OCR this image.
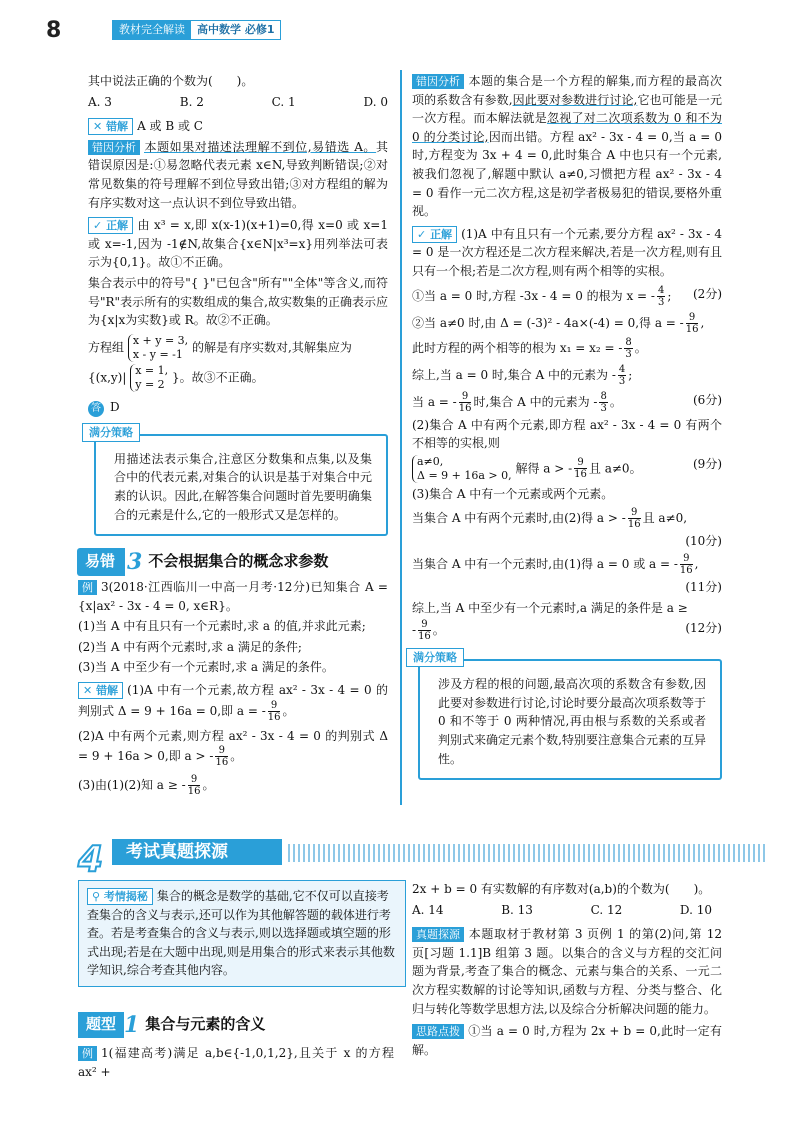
8	教材完全解读	高中数学 必修1

其中说法正确的个数为(　　)。

A. 3	B. 2	C. 1	D. 0

✕ 错解 A 或 B 或 C

错因分析 本题如果对描述法理解不到位,易错选 A。其错误原因是:①易忽略代表元素 x∈N,导致判断错误;②对常见数集的符号理解不到位导致出错;③对方程组的解为有序实数对这一点认识不到位导致出错。

✓ 正解 由 x³ = x,即 x(x-1)(x+1)=0,得 x=0 或 x=1 或 x=-1,因为 -1∉N,故集合{x∈N|x³=x}用列举法可表示为{0,1}。故①不正确。

集合表示中的符号"{ }"已包含"所有""全体"等含义,而符号"R"表示所有的实数组成的集合,故实数集的正确表示应为{x|x为实数}或 R。故②不正确。

方程组 x + y = 3,
x - y = -1 的解是有序实数对,其解集应为

{(x,y)| x = 1,
y = 2 }。故③不正确。

答 D

满分策略

用描述法表示集合,注意区分数集和点集,以及集合中的代表元素,对集合的认识是基于对集合中元素的认识。因此,在解答集合问题时首先要明确集合的元素是什么,它的一般形式又是怎样的。

易错 3 不会根据集合的概念求参数

例 3(2018·江西临川一中高一月考·12分)已知集合 A = {x|ax² - 3x - 4 = 0, x∈R}。

(1)当 A 中有且只有一个元素时,求 a 的值,并求此元素;

(2)当 A 中有两个元素时,求 a 满足的条件;

(3)当 A 中至少有一个元素时,求 a 满足的条件。

✕ 错解 (1)A 中有一个元素,故方程 ax² - 3x - 4 = 0 的判别式 Δ = 9 + 16a = 0,即 a = - $\frac{9}{16}$ 。

(2)A 中有两个元素,则方程 ax² - 3x - 4 = 0 的判别式 Δ = 9 + 16a > 0,即 a > - $\frac{9}{16}$ 。

(3)由(1)(2)知 a ≥ - $\frac{9}{16}$ 。

错因分析 本题的集合是一个方程的解集,而方程的最高次项的系数含有参数,因此要对参数进行讨论,它也可能是一元一次方程。而本解法就是忽视了对二次项系数为 0 和不为 0 的分类讨论,因而出错。方程 ax² - 3x - 4 = 0,当 a = 0 时,方程变为 3x + 4 = 0,此时集合 A 中也只有一个元素,被我们忽视了,解题中默认 a≠0,习惯把方程 ax² - 3x - 4 = 0 看作一元二次方程,这是初学者极易犯的错误,要格外重视。

✓ 正解 (1)A 中有且只有一个元素,要分方程 ax² - 3x - 4 = 0 是一次方程还是二次方程来解决,若是一次方程,则有且只有一个根;若是二次方程,则有两个相等的实根。

①当 a = 0 时,方程 -3x - 4 = 0 的根为 x = - $\frac{4}{3}$ ; (2分)

②当 a≠0 时,由 Δ = (-3)² - 4a×(-4) = 0,得 a = - $\frac{9}{16}$ ,

此时方程的两个相等的根为 x₁ = x₂ = - $\frac{8}{3}$ 。

综上,当 a = 0 时,集合 A 中的元素为 - $\frac{4}{3}$ ;

当 a = - $\frac{9}{16}$ 时,集合 A 中的元素为 - $\frac{8}{3}$ 。	(6分)

(2)集合 A 中有两个元素,即方程 ax² - 3x - 4 = 0 有两个不相等的实根,则

a≠0,
Δ = 9 + 16a > 0, 解得 a > - $\frac{9}{16}$ 且 a≠0。	(9分)

(3)集合 A 中有一个元素或两个元素。

当集合 A 中有两个元素时,由(2)得 a > - $\frac{9}{16}$ 且 a≠0,

(10分)

当集合 A 中有一个元素时,由(1)得 a = 0 或 a = - $\frac{9}{16}$ ,

(11分)

综上,当 A 中至少有一个元素时,a 满足的条件是 a ≥

- $\frac{9}{16}$ 。	(12分)

满分策略

涉及方程的根的问题,最高次项的系数含有参数,因此要对参数进行讨论,讨论时要分最高次项系数等于 0 和不等于 0 两种情况,再由根与系数的关系或者判别式来确定元素个数,特别要注意集合元素的互异性。

4	考试真题探源

⚲ 考情揭秘 集合的概念是数学的基础,它不仅可以直接考查集合的含义与表示,还可以作为其他解答题的载体进行考查。若是考查集合的含义与表示,则以选择题或填空题的形式出现;若是在大题中出现,则是用集合的形式来表示其他数学知识,综合考查其他内容。

题型 1 集合与元素的含义

例 1(福建高考)满足 a,b∈{-1,0,1,2},且关于 x 的方程 ax² +

2x + b = 0 有实数解的有序数对(a,b)的个数为(　　)。

A. 14	B. 13	C. 12	D. 10

真题探源 本题取材于教材第 3 页例 1 的第(2)问,第 12 页[习题 1.1]B 组第 3 题。以集合的含义与方程的交汇问题为背景,考查了集合的概念、元素与集合的关系、一元二次方程实数解的讨论等知识,函数与方程、分类与整合、化归与转化等数学思想方法,以及综合分析解决问题的能力。

思路点拨 ①当 a = 0 时,方程为 2x + b = 0,此时一定有解。
